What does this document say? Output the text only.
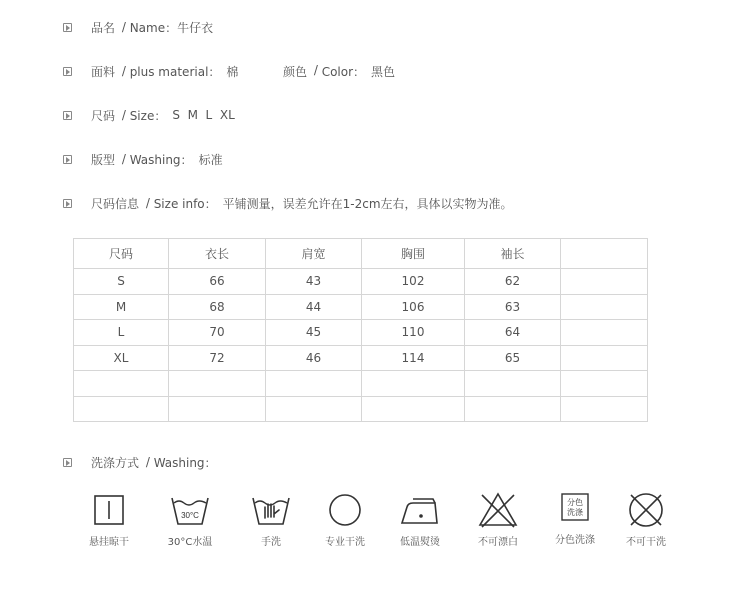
品名 / Name： 牛仔衣
面料 / plus material： 棉	颜色 / Color： 黑色
尺码 / Size： S  M  L  XL
版型 / Washing： 标准
尺码信息 / Size info： 平铺测量，误差允许在1-2cm左右，具体以实物为准。
尺码	衣长	肩宽	胸围	袖长	
S	66	43	102	62	
M	68	44	106	63	
L	70	45	110	64	
XL	72	46	114	65	

洗涤方式 / Washing：
悬挂晾干
30°C
30°C水温	手洗	专业干洗	低温熨烫	不可漂白
分色
洗涤
分色洗涤	不可干洗
